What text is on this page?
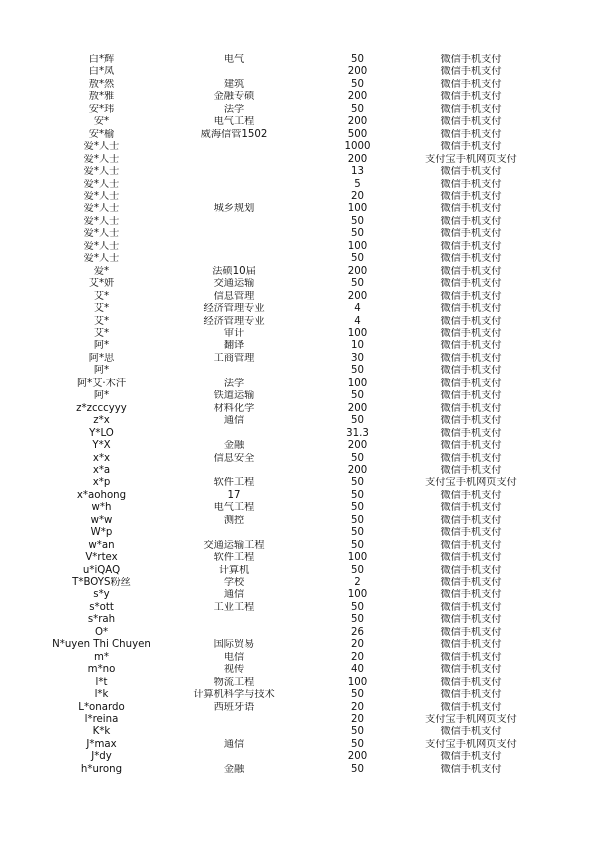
白*辉	电气	50	微信手机支付
白*凤		200	微信手机支付
敖*然	建筑	50	微信手机支付
敖*雅	金融专硕	200	微信手机支付
安*玮	法学	50	微信手机支付
安*	电气工程	200	微信手机支付
安*榆	威海信管1502	500	微信手机支付
爱*人士		1000	微信手机支付
爱*人士		200	支付宝手机网页支付
爱*人士		13	微信手机支付
爱*人士		5	微信手机支付
爱*人士		20	微信手机支付
爱*人士	城乡规划	100	微信手机支付
爱*人士		50	微信手机支付
爱*人士		50	微信手机支付
爱*人士		100	微信手机支付
爱*人士		50	微信手机支付
爱*	法硕10届	200	微信手机支付
艾*妍	交通运输	50	微信手机支付
艾*	信息管理	200	微信手机支付
艾*	经济管理专业	4	微信手机支付
艾*	经济管理专业	4	微信手机支付
艾*	审计	100	微信手机支付
阿*	翻译	10	微信手机支付
阿*思	工商管理	30	微信手机支付
阿*		50	微信手机支付
阿*艾·木汗	法学	100	微信手机支付
阿*	铁道运输	50	微信手机支付
z*zcccyyy	材料化学	200	微信手机支付
z*x	通信	50	微信手机支付
Y*LO		31.3	微信手机支付
Y*X	金融	200	微信手机支付
x*x	信息安全	50	微信手机支付
x*a		200	微信手机支付
x*p	软件工程	50	支付宝手机网页支付
x*aohong	17	50	微信手机支付
w*h	电气工程	50	微信手机支付
w*w	测控	50	微信手机支付
W*p		50	微信手机支付
w*an	交通运输工程	50	微信手机支付
V*rtex	软件工程	100	微信手机支付
u*iQAQ	计算机	50	微信手机支付
T*BOYS粉丝	学校	2	微信手机支付
s*y	通信	100	微信手机支付
s*ott	工业工程	50	微信手机支付
s*rah		50	微信手机支付
O*		26	微信手机支付
N*uyen Thi Chuyen	国际贸易	20	微信手机支付
m*	电信	20	微信手机支付
m*no	视传	40	微信手机支付
l*t	物流工程	100	微信手机支付
l*k	计算机科学与技术	50	微信手机支付
L*onardo	西班牙语	20	微信手机支付
l*reina		20	支付宝手机网页支付
K*k		50	微信手机支付
J*max	通信	50	支付宝手机网页支付
J*dy		200	微信手机支付
h*urong	金融	50	微信手机支付
